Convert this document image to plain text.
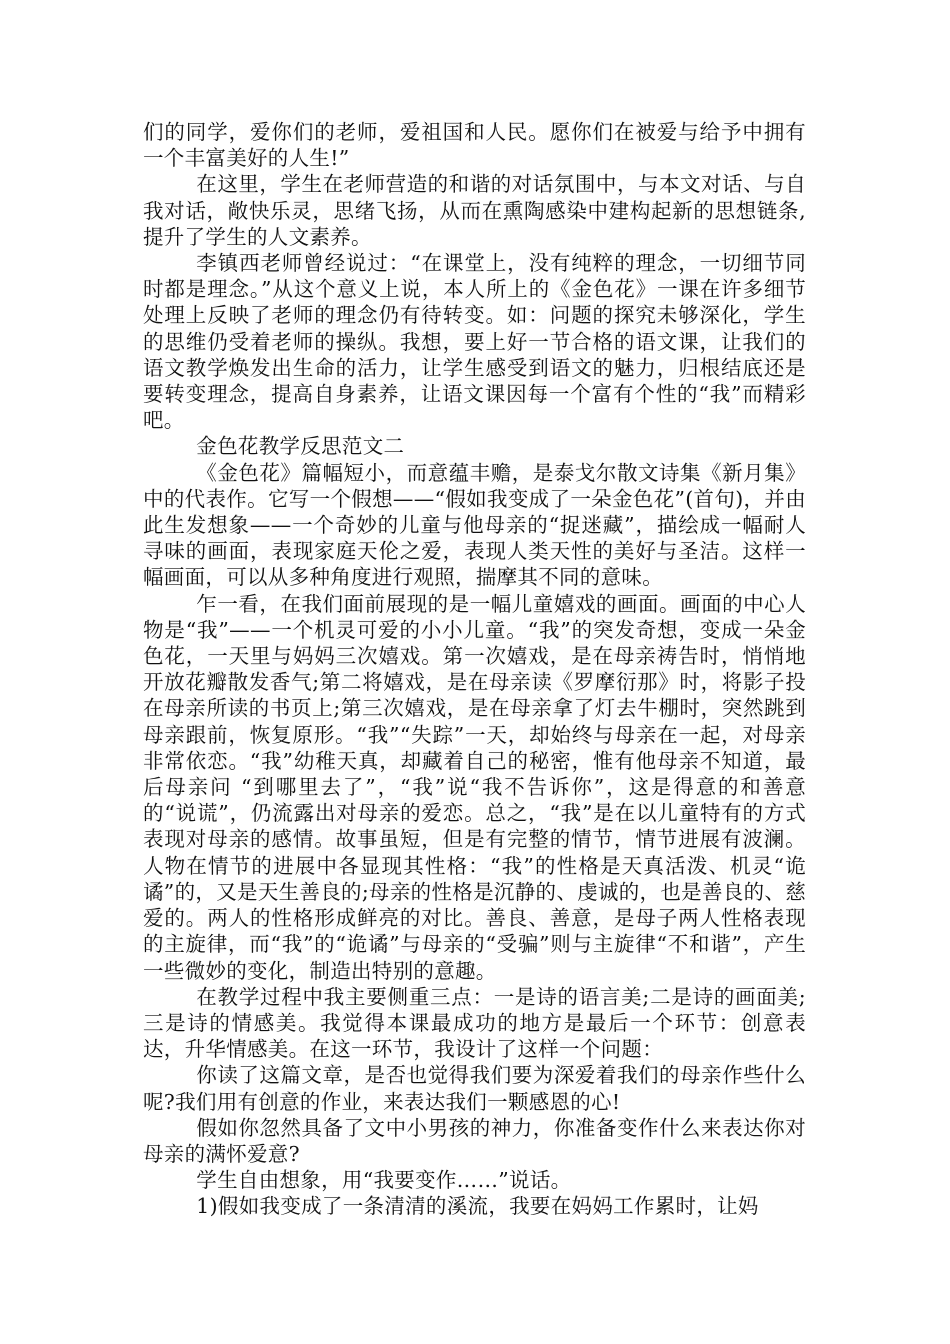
们的同学，爱你们的老师，爱祖国和人民。愿你们在被爱与给予中拥有一个丰富美好的人生!”

在这里，学生在老师营造的和谐的对话氛围中，与本文对话、与自我对话，敞快乐灵，思绪飞扬，从而在熏陶感染中建构起新的思想链条,提升了学生的人文素养。

李镇西老师曾经说过：“在课堂上，没有纯粹的理念，一切细节同时都是理念。”从这个意义上说，本人所上的《金色花》一课在许多细节处理上反映了老师的理念仍有待转变。如：问题的探究未够深化，学生的思维仍受着老师的操纵。我想，要上好一节合格的语文课，让我们的语文教学焕发出生命的活力，让学生感受到语文的魅力，归根结底还是要转变理念，提高自身素养，让语文课因每一个富有个性的“我”而精彩吧。

金色花教学反思范文二

《金色花》篇幅短小，而意蕴丰赡，是泰戈尔散文诗集《新月集》中的代表作。它写一个假想——“假如我变成了一朵金色花”(首句)，并由此生发想象——一个奇妙的儿童与他母亲的“捉迷藏”，描绘成一幅耐人寻味的画面，表现家庭天伦之爱，表现人类天性的美好与圣洁。这样一幅画面，可以从多种角度进行观照，揣摩其不同的意味。

乍一看，在我们面前展现的是一幅儿童嬉戏的画面。画面的中心人物是“我”——一个机灵可爱的小小儿童。“我”的突发奇想，变成一朵金色花，一天里与妈妈三次嬉戏。第一次嬉戏，是在母亲祷告时，悄悄地开放花瓣散发香气;第二将嬉戏，是在母亲读《罗摩衍那》时，将影子投在母亲所读的书页上;第三次嬉戏，是在母亲拿了灯去牛棚时，突然跳到母亲跟前，恢复原形。“我”“失踪”一天，却始终与母亲在一起，对母亲非常依恋。“我”幼稚天真，却藏着自己的秘密，惟有他母亲不知道，最后母亲问 “到哪里去了”，“我”说“我不告诉你”，这是得意的和善意的“说谎”，仍流露出对母亲的爱恋。总之，“我”是在以儿童特有的方式表现对母亲的感情。故事虽短，但是有完整的情节，情节进展有波澜。人物在情节的进展中各显现其性格：“我”的性格是天真活泼、机灵“诡谲”的，又是天生善良的;母亲的性格是沉静的、虔诚的，也是善良的、慈爱的。两人的性格形成鲜亮的对比。善良、善意，是母子两人性格表现的主旋律，而“我”的“诡谲”与母亲的“受骗”则与主旋律“不和谐”，产生一些微妙的变化，制造出特别的意趣。

在教学过程中我主要侧重三点：一是诗的语言美;二是诗的画面美;三是诗的情感美。我觉得本课最成功的地方是最后一个环节：创意表达，升华情感美。在这一环节，我设计了这样一个问题：

你读了这篇文章，是否也觉得我们要为深爱着我们的母亲作些什么呢?我们用有创意的作业，来表达我们一颗感恩的心!

假如你忽然具备了文中小男孩的神力，你准备变作什么来表达你对母亲的满怀爱意?

学生自由想象，用“我要变作……”说话。

1)假如我变成了一条清清的溪流，我要在妈妈工作累时，让妈
